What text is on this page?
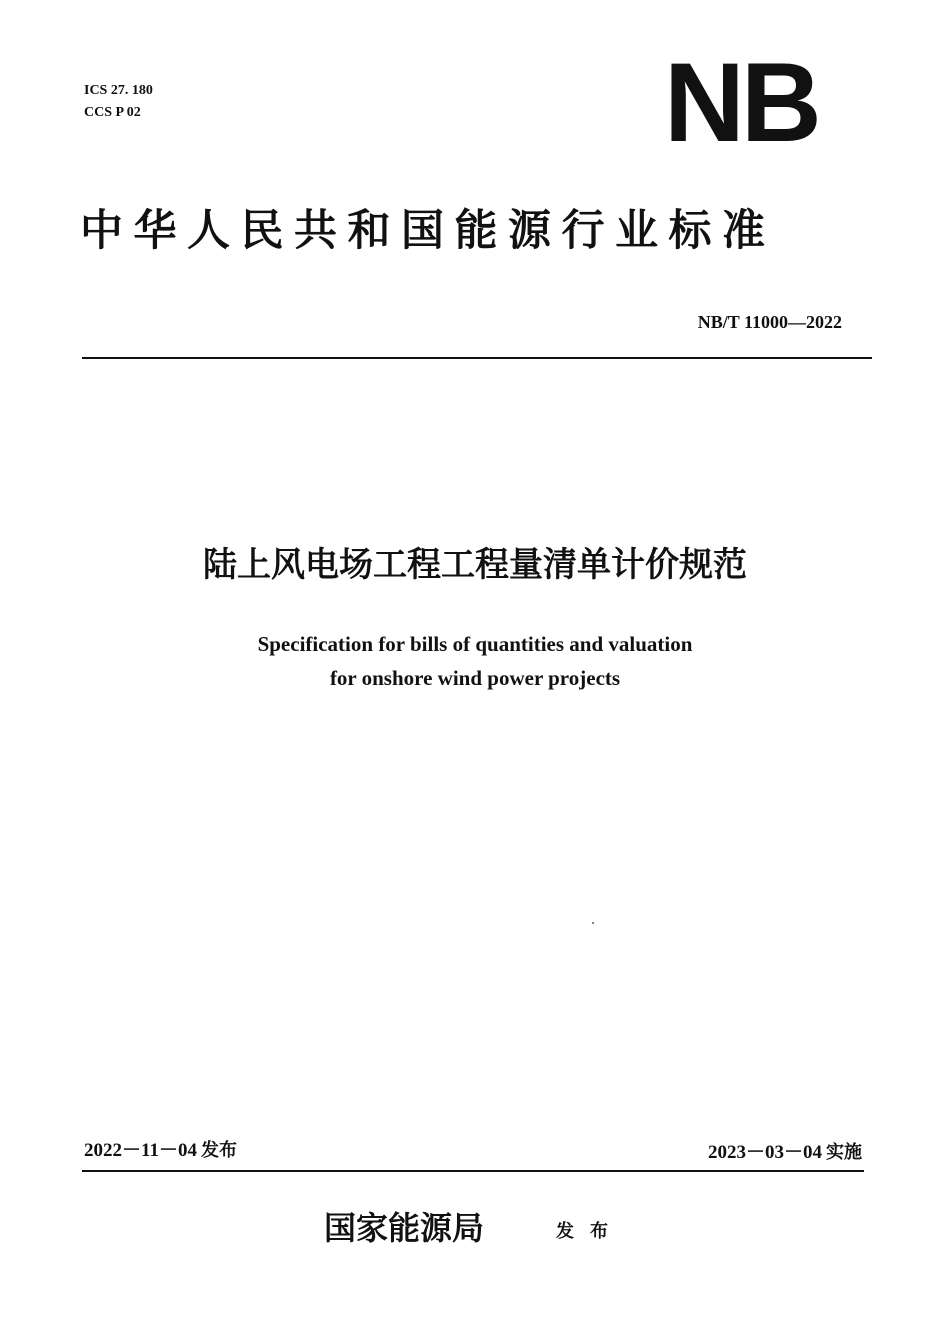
ICS 27. 180
CCS P 02	NB
中华人民共和国能源行业标准
NB/T 11000—2022
陆上风电场工程工程量清单计价规范
Specification for bills of quantities and valuation
for onshore wind power projects
2022－11－04 发布	2023－03－04 实施
国家能源局	发布
